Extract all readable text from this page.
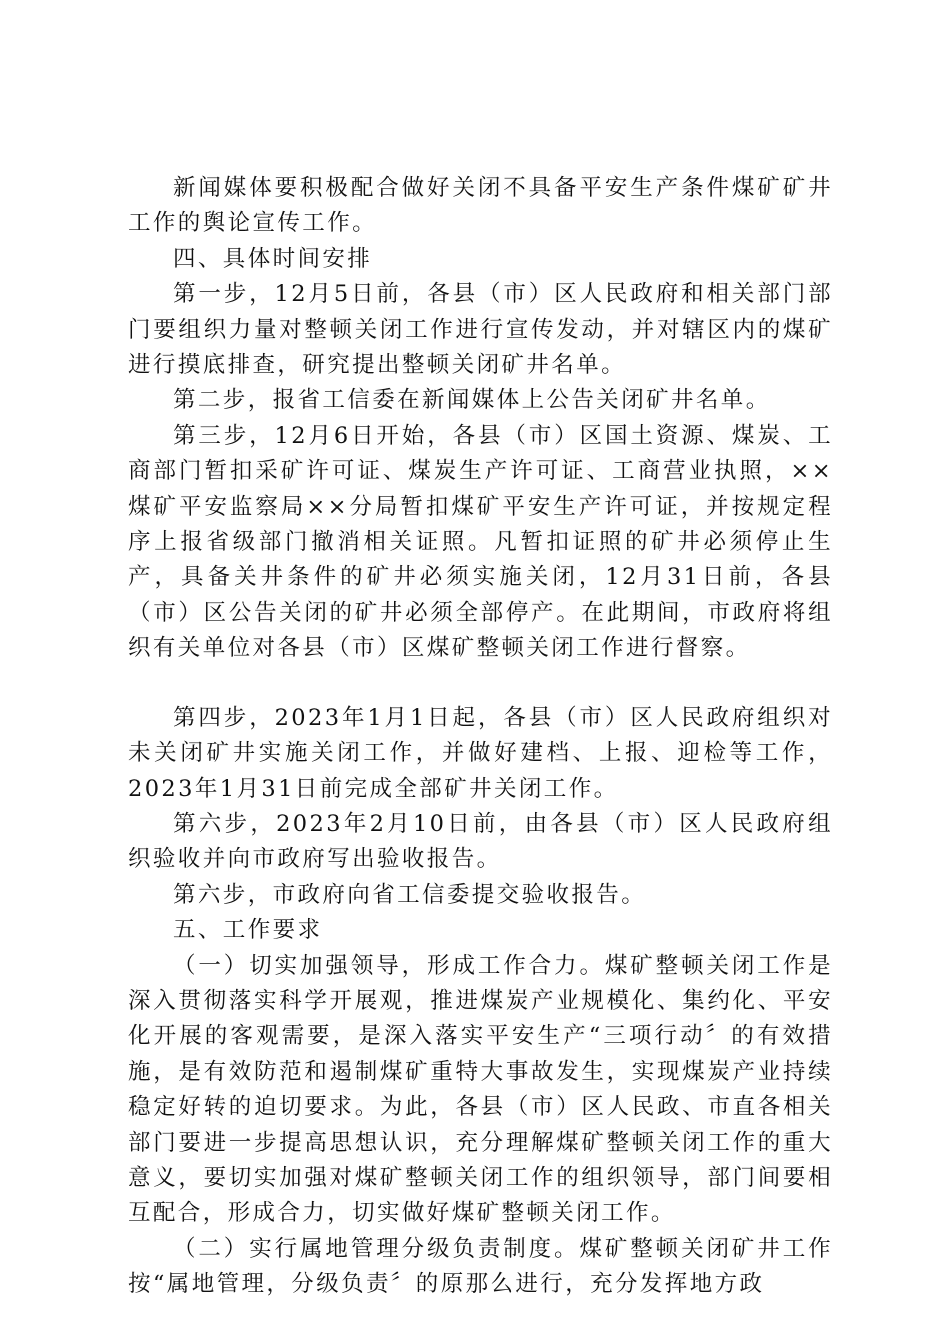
新闻媒体要积极配合做好关闭不具备平安生产条件煤矿矿井工作的舆论宣传工作。

四、具体时间安排

第一步，12月5日前，各县（市）区人民政府和相关部门部门要组织力量对整顿关闭工作进行宣传发动，并对辖区内的煤矿进行摸底排查，研究提出整顿关闭矿井名单。

第二步，报省工信委在新闻媒体上公告关闭矿井名单。

第三步，12月6日开始，各县（市）区国土资源、煤炭、工商部门暂扣采矿许可证、煤炭生产许可证、工商营业执照，××煤矿平安监察局××分局暂扣煤矿平安生产许可证，并按规定程序上报省级部门撤消相关证照。凡暂扣证照的矿井必须停止生产，具备关井条件的矿井必须实施关闭，12月31日前，各县（市）区公告关闭的矿井必须全部停产。在此期间，市政府将组织有关单位对各县（市）区煤矿整顿关闭工作进行督察。

第四步，2023年1月1日起，各县（市）区人民政府组织对未关闭矿井实施关闭工作，并做好建档、上报、迎检等工作，2023年1月31日前完成全部矿井关闭工作。

第六步，2023年2月10日前，由各县（市）区人民政府组织验收并向市政府写出验收报告。

第六步，市政府向省工信委提交验收报告。

五、工作要求

（一）切实加强领导，形成工作合力。煤矿整顿关闭工作是深入贯彻落实科学开展观，推进煤炭产业规模化、集约化、平安化开展的客观需要，是深入落实平安生产“三项行动〞的有效措施，是有效防范和遏制煤矿重特大事故发生，实现煤炭产业持续稳定好转的迫切要求。为此，各县（市）区人民政、市直各相关部门要进一步提高思想认识，充分理解煤矿整顿关闭工作的重大意义，要切实加强对煤矿整顿关闭工作的组织领导，部门间要相互配合，形成合力，切实做好煤矿整顿关闭工作。

（二）实行属地管理分级负责制度。煤矿整顿关闭矿井工作按“属地管理，分级负责〞的原那么进行，充分发挥地方政
